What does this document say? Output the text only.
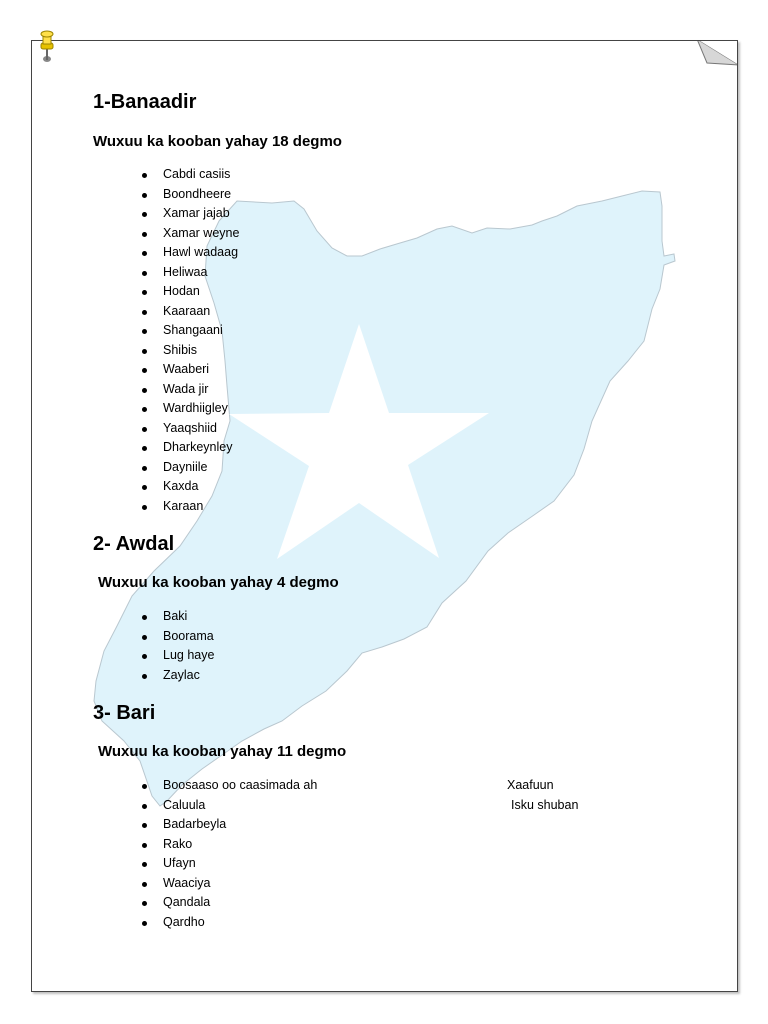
1-Banaadir
Wuxuu ka kooban yahay 18 degmo
Cabdi casiis
Boondheere
Xamar jajab
Xamar weyne
Hawl wadaag
Heliwaa
Hodan
Kaaraan
Shangaani
Shibis
Waaberi
Wada jir
Wardhiigley
Yaaqshiid
Dharkeynley
Dayniile
Kaxda
Karaan
2- Awdal
Wuxuu ka kooban yahay 4 degmo
Baki
Boorama
Lug haye
Zaylac
3- Bari
Wuxuu ka kooban yahay 11 degmo
Boosaaso oo caasimada ah
Caluula
Badarbeyla
Rako
Ufayn
Waaciya
Qandala
Qardho
Xaafuun
Isku shuban
